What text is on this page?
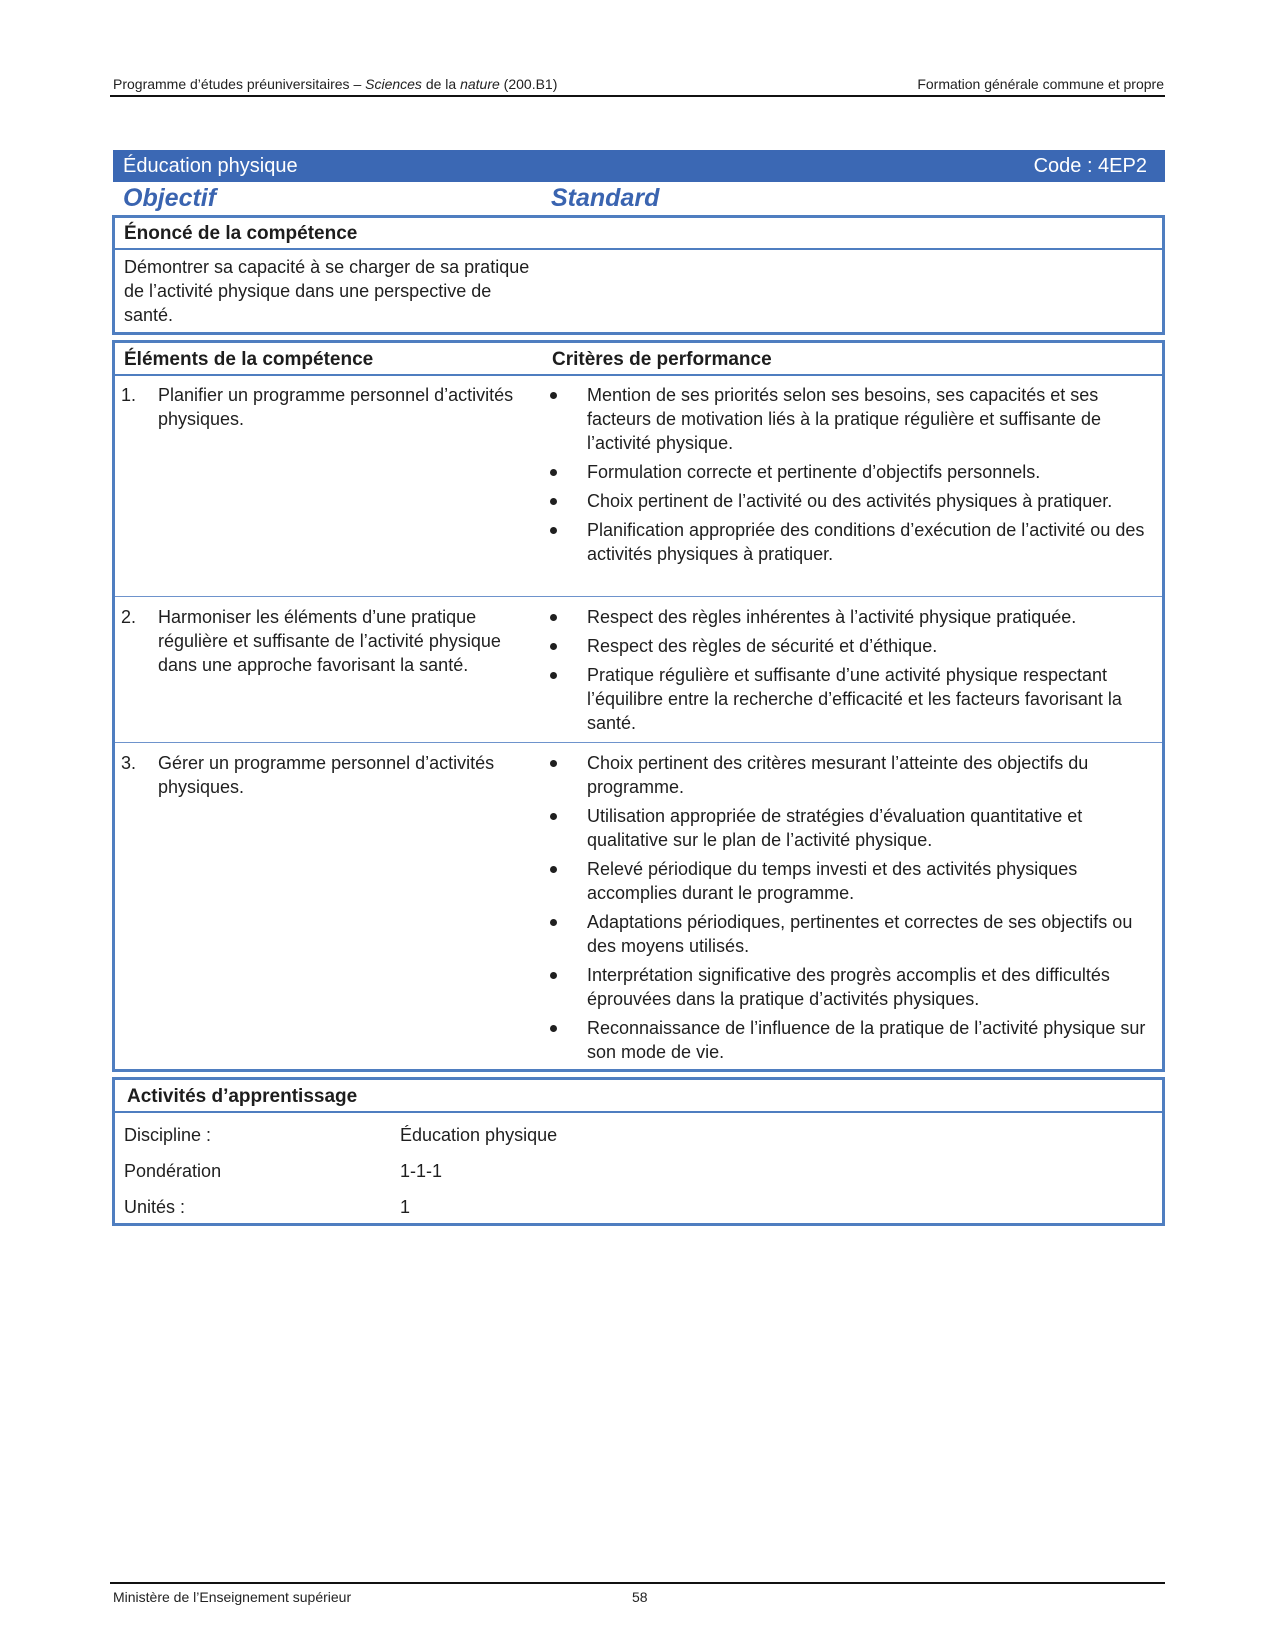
Programme d’études préuniversitaires – Sciences de la nature (200.B1)	Formation générale commune et propre
Éducation physique	Code : 4EP2
Objectif	Standard
Énoncé de la compétence
Démontrer sa capacité à se charger de sa pratique de l’activité physique dans une perspective de santé.
Éléments de la compétence	Critères de performance
1.	Planifier un programme personnel d’activités physiques.
Mention de ses priorités selon ses besoins, ses capacités et ses facteurs de motivation liés à la pratique régulière et suffisante de l’activité physique.
Formulation correcte et pertinente d’objectifs personnels.
Choix pertinent de l’activité ou des activités physiques à pratiquer.
Planification appropriée des conditions d’exécution de l’activité ou des activités physiques à pratiquer.
2.	Harmoniser les éléments d’une pratique régulière et suffisante de l’activité physique dans une approche favorisant la santé.
Respect des règles inhérentes à l’activité physique pratiquée.
Respect des règles de sécurité et d’éthique.
Pratique régulière et suffisante d’une activité physique respectant l’équilibre entre la recherche d’efficacité et les facteurs favorisant la santé.
3.	Gérer un programme personnel d’activités physiques.
Choix pertinent des critères mesurant l’atteinte des objectifs du programme.
Utilisation appropriée de stratégies d’évaluation quantitative et qualitative sur le plan de l’activité physique.
Relevé périodique du temps investi et des activités physiques accomplies durant le programme.
Adaptations périodiques, pertinentes et correctes de ses objectifs ou des moyens utilisés.
Interprétation significative des progrès accomplis et des difficultés éprouvées dans la pratique d’activités physiques.
Reconnaissance de l’influence de la pratique de l’activité physique sur son mode de vie.
Activités d’apprentissage
Discipline :	Éducation physique
Pondération	1-1-1
Unités :	1
Ministère de l’Enseignement supérieur	58
